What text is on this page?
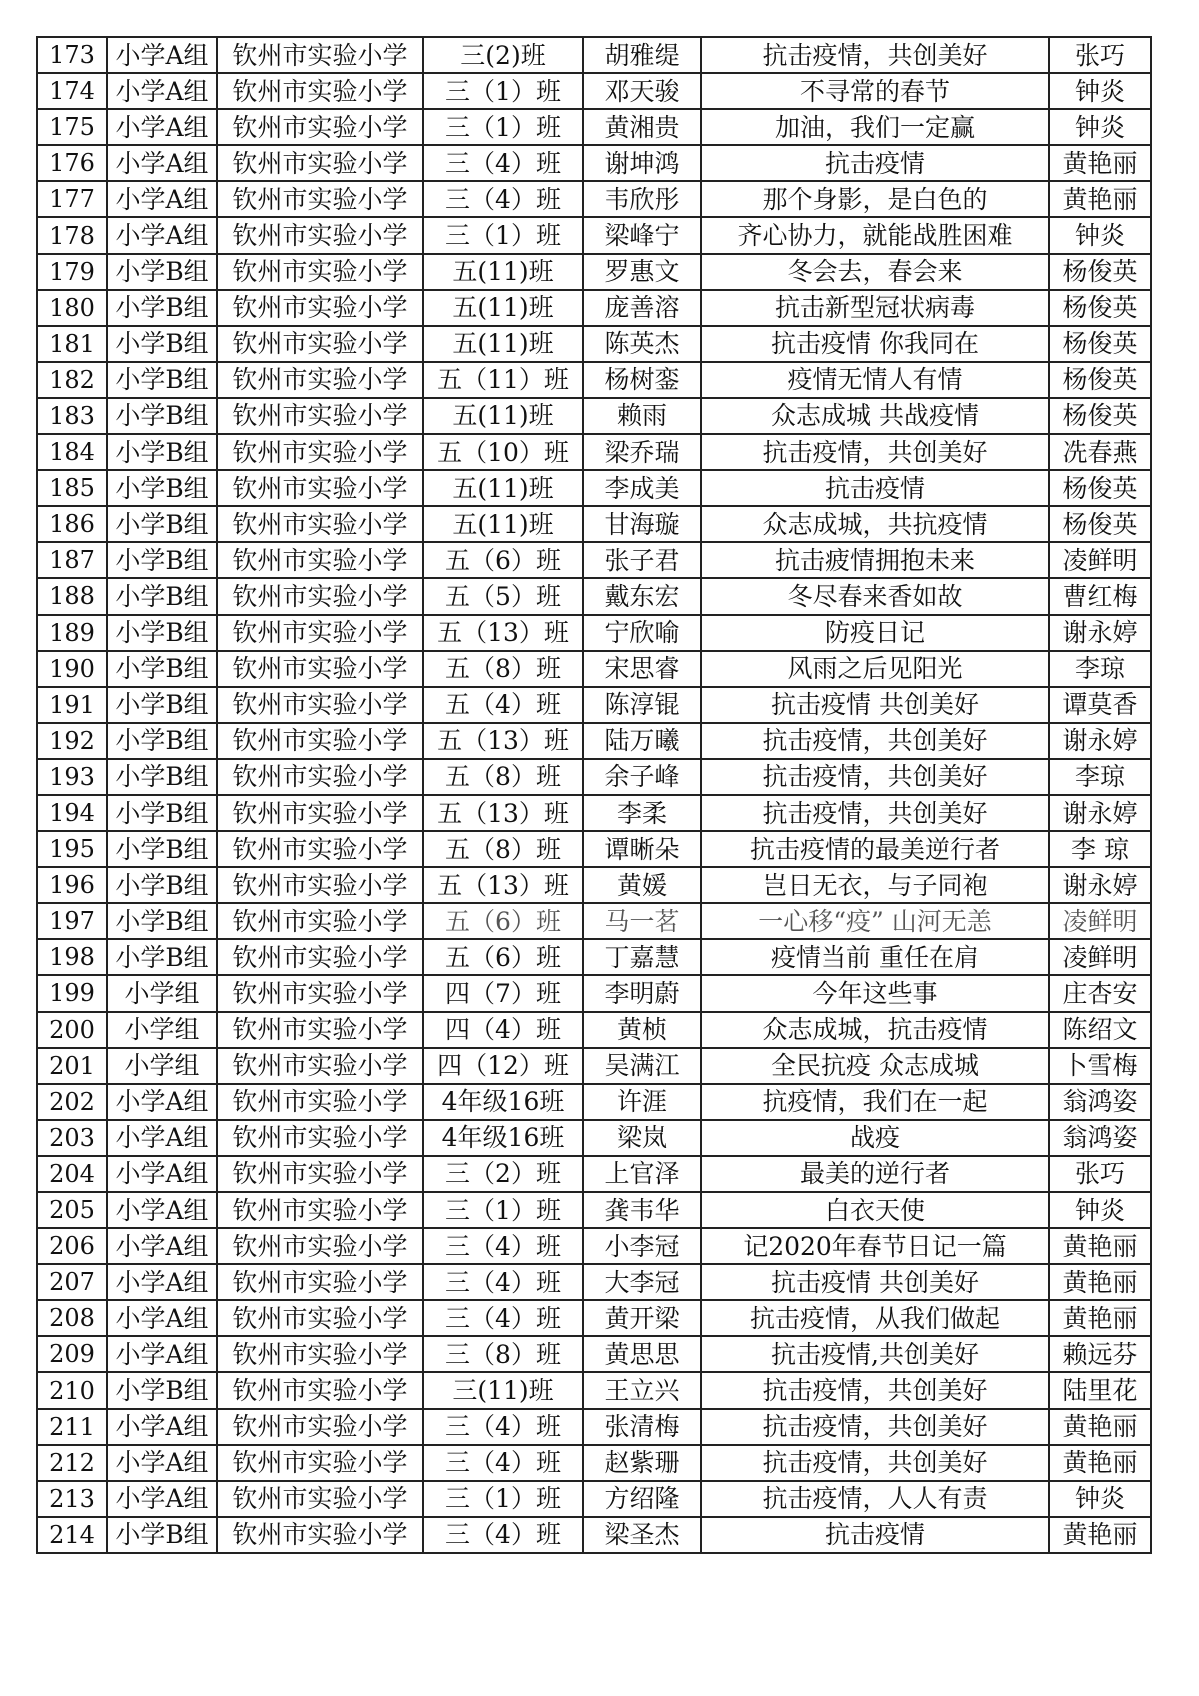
173	小学A组	钦州市实验小学	三(2)班	胡雅缇	抗击疫情，共创美好	张巧
174	小学A组	钦州市实验小学	三（1）班	邓天骏	不寻常的春节	钟炎
175	小学A组	钦州市实验小学	三（1）班	黄湘贵	加油，我们一定赢	钟炎
176	小学A组	钦州市实验小学	三（4）班	谢坤鸿	抗击疫情	黄艳丽
177	小学A组	钦州市实验小学	三（4）班	韦欣彤	那个身影，是白色的	黄艳丽
178	小学A组	钦州市实验小学	三（1）班	梁峰宁	齐心协力，就能战胜困难	钟炎
179	小学B组	钦州市实验小学	五(11)班	罗惠文	冬会去，春会来	杨俊英
180	小学B组	钦州市实验小学	五(11)班	庞善溶	抗击新型冠状病毒	杨俊英
181	小学B组	钦州市实验小学	五(11)班	陈英杰	抗击疫情 你我同在	杨俊英
182	小学B组	钦州市实验小学	五（11）班	杨树銮	疫情无情人有情	杨俊英
183	小学B组	钦州市实验小学	五(11)班	赖雨	众志成城 共战疫情	杨俊英
184	小学B组	钦州市实验小学	五（10）班	梁乔瑞	抗击疫情，共创美好	冼春燕
185	小学B组	钦州市实验小学	五(11)班	李成美	抗击疫情	杨俊英
186	小学B组	钦州市实验小学	五(11)班	甘海璇	众志成城，共抗疫情	杨俊英
187	小学B组	钦州市实验小学	五（6）班	张子君	抗击疲情拥抱未来	凌鲜明
188	小学B组	钦州市实验小学	五（5）班	戴东宏	冬尽春来香如故	曹红梅
189	小学B组	钦州市实验小学	五（13）班	宁欣喻	防疫日记	谢永婷
190	小学B组	钦州市实验小学	五（8）班	宋思睿	风雨之后见阳光	李琼
191	小学B组	钦州市实验小学	五（4）班	陈淳锟	抗击疫情 共创美好	谭莫香
192	小学B组	钦州市实验小学	五（13）班	陆万曦	抗击疫情，共创美好	谢永婷
193	小学B组	钦州市实验小学	五（8）班	余子峰	抗击疫情，共创美好	李琼
194	小学B组	钦州市实验小学	五（13）班	李柔	抗击疫情，共创美好	谢永婷
195	小学B组	钦州市实验小学	五（8）班	谭晰朵	抗击疫情的最美逆行者	李 琼
196	小学B组	钦州市实验小学	五（13）班	黄媛	岂日无衣，与子同袍	谢永婷
197	小学B组	钦州市实验小学	五（6）班	马一茗	一心移“疫” 山河无恙	凌鲜明
198	小学B组	钦州市实验小学	五（6）班	丁嘉慧	疫情当前 重任在肩	凌鲜明
199	小学组	钦州市实验小学	四（7）班	李明蔚	今年这些事	庄杏安
200	小学组	钦州市实验小学	四（4）班	黄桢	众志成城，抗击疫情	陈绍文
201	小学组	钦州市实验小学	四（12）班	吴满江	全民抗疫 众志成城	卜雪梅
202	小学A组	钦州市实验小学	4年级16班	许涯	抗疫情，我们在一起	翁鸿姿
203	小学A组	钦州市实验小学	4年级16班	梁岚	战疫	翁鸿姿
204	小学A组	钦州市实验小学	三（2）班	上官泽	最美的逆行者	张巧
205	小学A组	钦州市实验小学	三（1）班	龚韦华	白衣天使	钟炎
206	小学A组	钦州市实验小学	三（4）班	小李冠	记2020年春节日记一篇	黄艳丽
207	小学A组	钦州市实验小学	三（4）班	大李冠	抗击疫情 共创美好	黄艳丽
208	小学A组	钦州市实验小学	三（4）班	黄开梁	抗击疫情，从我们做起	黄艳丽
209	小学A组	钦州市实验小学	三（8）班	黄思思	抗击疫情,共创美好	赖远芬
210	小学B组	钦州市实验小学	三(11)班	王立兴	抗击疫情，共创美好	陆里花
211	小学A组	钦州市实验小学	三（4）班	张清梅	抗击疫情，共创美好	黄艳丽
212	小学A组	钦州市实验小学	三（4）班	赵紫珊	抗击疫情，共创美好	黄艳丽
213	小学A组	钦州市实验小学	三（1）班	方绍隆	抗击疫情，人人有责	钟炎
214	小学B组	钦州市实验小学	三（4）班	梁圣杰	抗击疫情	黄艳丽
